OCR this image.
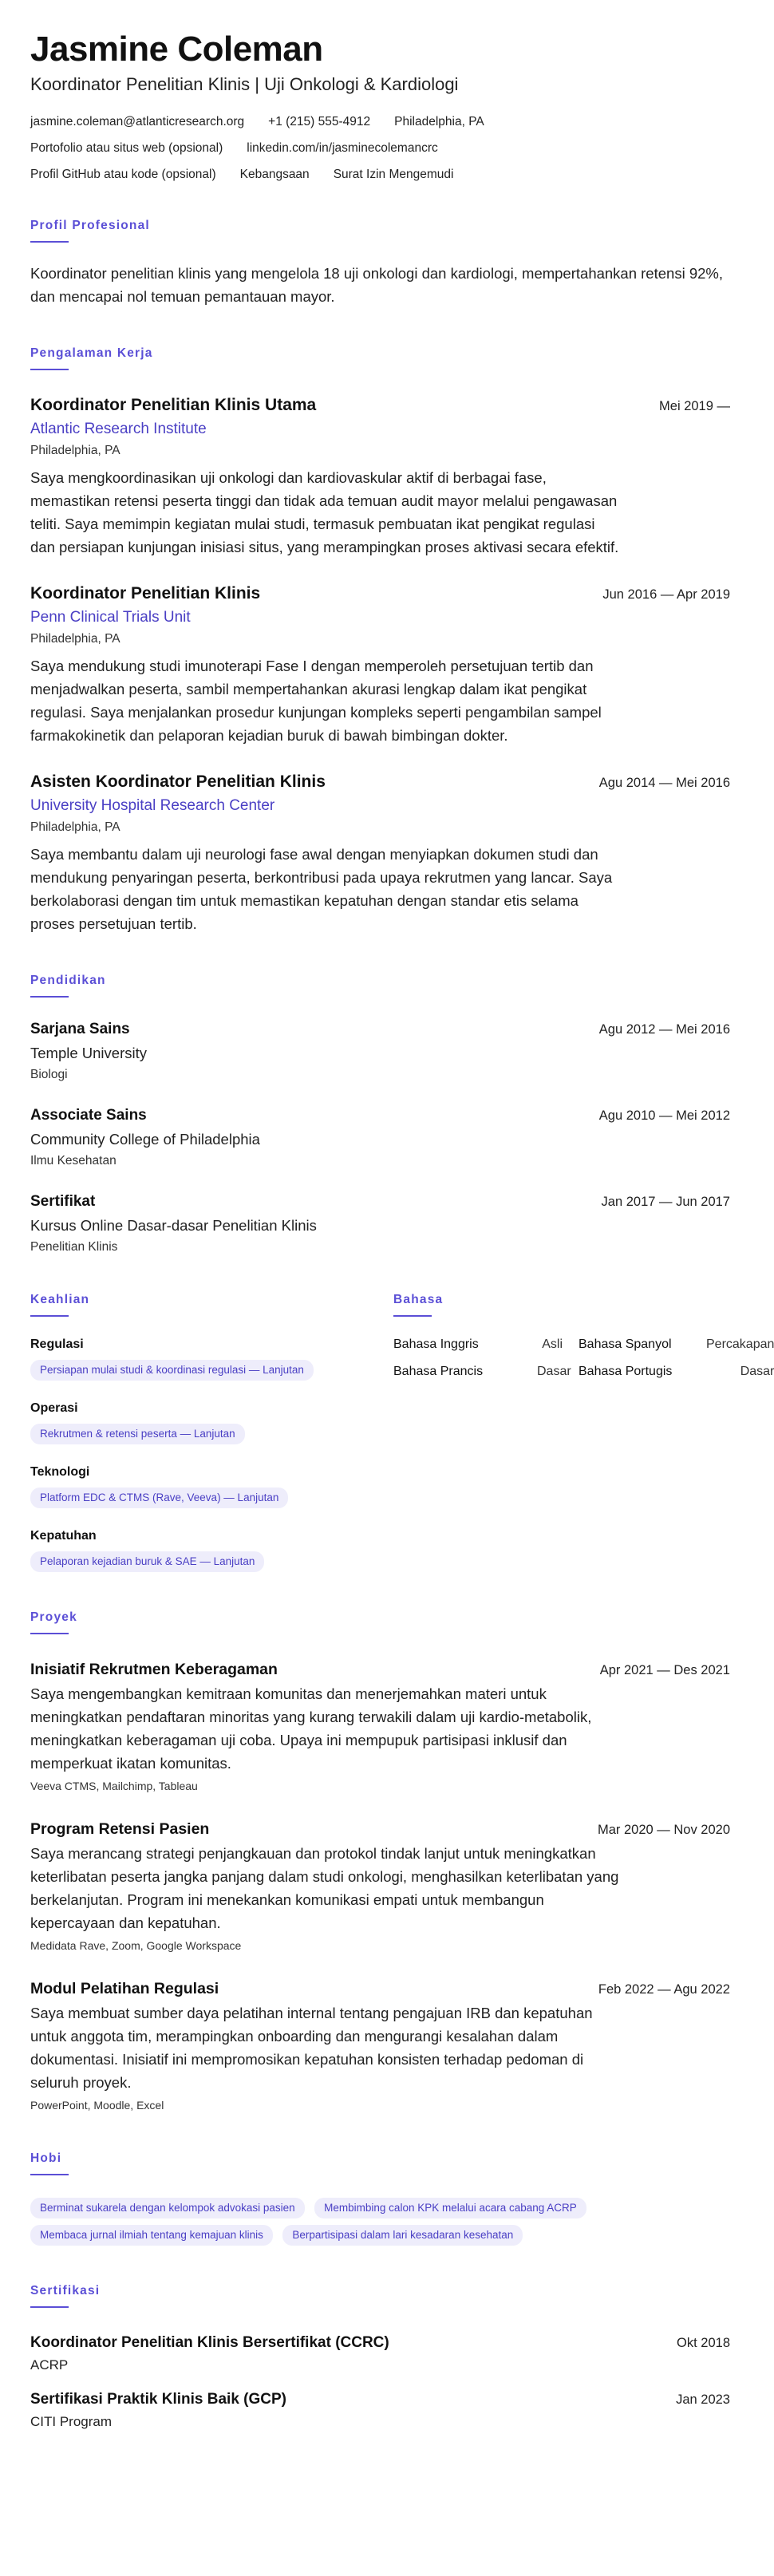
Jasmine Coleman
Koordinator Penelitian Klinis | Uji Onkologi & Kardiologi
jasmine.coleman@atlanticresearch.org +1 (215) 555-4912 Philadelphia, PA
Portofolio atau situs web (opsional) linkedin.com/in/jasminecolemancrc
Profil GitHub atau kode (opsional) Kebangsaan Surat Izin Mengemudi
Profil Profesional

Koordinator penelitian klinis yang mengelola 18 uji onkologi dan kardiologi, mempertahankan retensi 92%, dan mencapai nol temuan pemantauan mayor.

Pengalaman Kerja
Koordinator Penelitian Klinis Utama	Mei 2019 —
Atlantic Research Institute
Philadelphia, PA

Saya mengkoordinasikan uji onkologi dan kardiovaskular aktif di berbagai fase, memastikan retensi peserta tinggi dan tidak ada temuan audit mayor melalui pengawasan teliti. Saya memimpin kegiatan mulai studi, termasuk pembuatan ikat pengikat regulasi dan persiapan kunjungan inisiasi situs, yang merampingkan proses aktivasi secara efektif.

Koordinator Penelitian Klinis	Jun 2016 — Apr 2019
Penn Clinical Trials Unit
Philadelphia, PA

Saya mendukung studi imunoterapi Fase I dengan memperoleh persetujuan tertib dan menjadwalkan peserta, sambil mempertahankan akurasi lengkap dalam ikat pengikat regulasi. Saya menjalankan prosedur kunjungan kompleks seperti pengambilan sampel farmakokinetik dan pelaporan kejadian buruk di bawah bimbingan dokter.

Asisten Koordinator Penelitian Klinis	Agu 2014 — Mei 2016
University Hospital Research Center
Philadelphia, PA

Saya membantu dalam uji neurologi fase awal dengan menyiapkan dokumen studi dan mendukung penyaringan peserta, berkontribusi pada upaya rekrutmen yang lancar. Saya berkolaborasi dengan tim untuk memastikan kepatuhan dengan standar etis selama proses persetujuan tertib.

Pendidikan
Sarjana Sains	Agu 2012 — Mei 2016
Temple University
Biologi
Associate Sains	Agu 2010 — Mei 2012
Community College of Philadelphia
Ilmu Kesehatan
Sertifikat	Jan 2017 — Jun 2017
Kursus Online Dasar-dasar Penelitian Klinis
Penelitian Klinis
Keahlian
Regulasi
Persiapan mulai studi & koordinasi regulasi — Lanjutan
Operasi
Rekrutmen & retensi peserta — Lanjutan
Teknologi
Platform EDC & CTMS (Rave, Veeva) — Lanjutan
Kepatuhan
Pelaporan kejadian buruk & SAE — Lanjutan
Bahasa
Bahasa Inggris	Asli	Bahasa Spanyol	Percakapan
Bahasa Prancis	Dasar Bahasa Portugis	Dasar
Proyek
Inisiatif Rekrutmen Keberagaman	Apr 2021 — Des 2021

Saya mengembangkan kemitraan komunitas dan menerjemahkan materi untuk meningkatkan pendaftaran minoritas yang kurang terwakili dalam uji kardio-metabolik, meningkatkan keberagaman uji coba. Upaya ini mempupuk partisipasi inklusif dan memperkuat ikatan komunitas.

Veeva CTMS, Mailchimp, Tableau
Program Retensi Pasien	Mar 2020 — Nov 2020

Saya merancang strategi penjangkauan dan protokol tindak lanjut untuk meningkatkan keterlibatan peserta jangka panjang dalam studi onkologi, menghasilkan keterlibatan yang berkelanjutan. Program ini menekankan komunikasi empati untuk membangun kepercayaan dan kepatuhan.

Medidata Rave, Zoom, Google Workspace
Modul Pelatihan Regulasi	Feb 2022 — Agu 2022

Saya membuat sumber daya pelatihan internal tentang pengajuan IRB dan kepatuhan untuk anggota tim, merampingkan onboarding dan mengurangi kesalahan dalam dokumentasi. Inisiatif ini mempromosikan kepatuhan konsisten terhadap pedoman di seluruh proyek.

PowerPoint, Moodle, Excel
Hobi
Berminat sukarela dengan kelompok advokasi pasien	Membimbing calon KPK melalui acara cabang ACRP Membaca jurnal ilmiah tentang kemajuan klinis	Berpartisipasi dalam lari kesadaran kesehatan
Sertifikasi
Koordinator Penelitian Klinis Bersertifikat (CCRC)	Okt 2018
ACRP
Sertifikasi Praktik Klinis Baik (GCP)	Jan 2023
CITI Program
